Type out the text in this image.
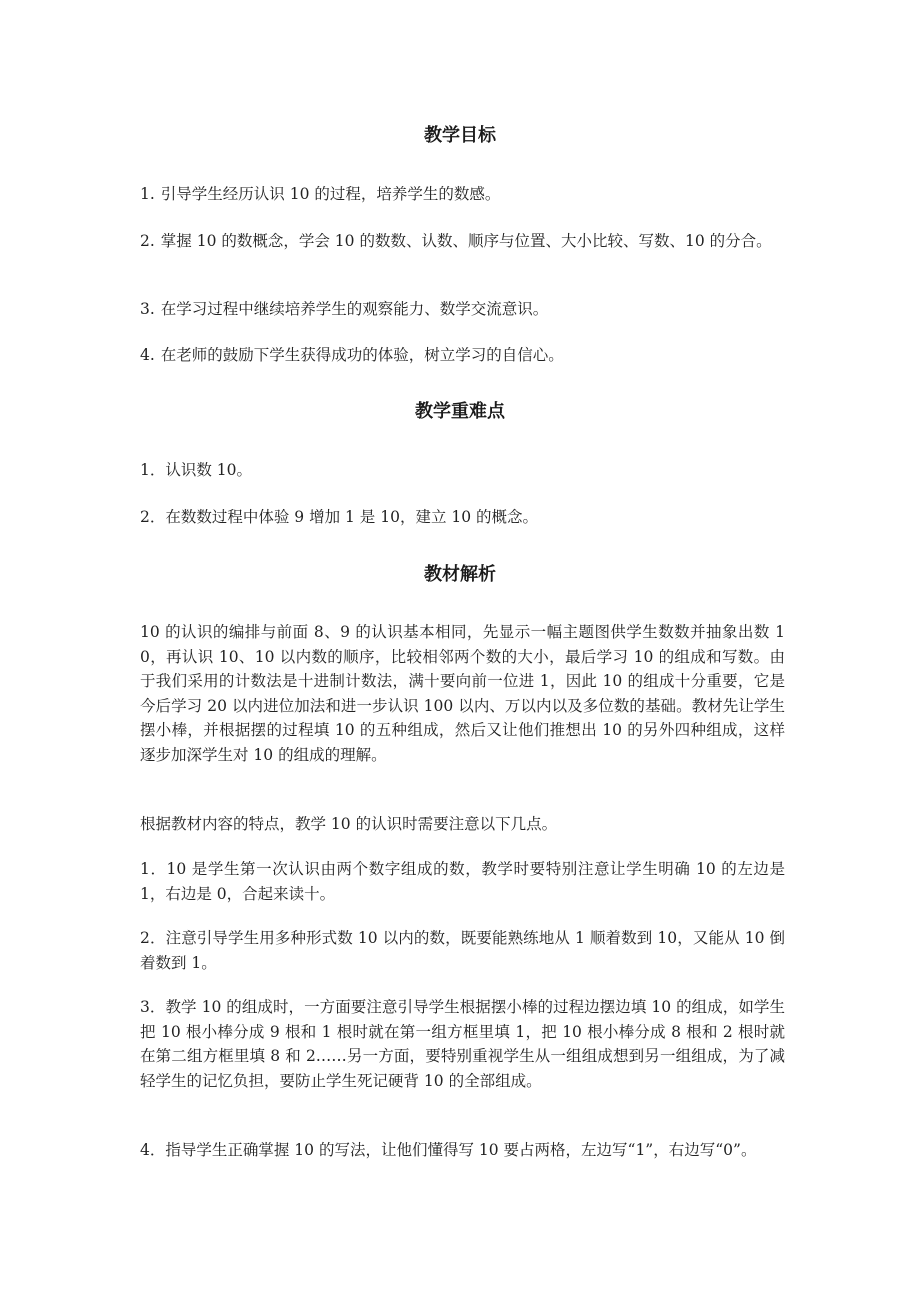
教学目标

1. 引导学生经历认识 10 的过程，培养学生的数感。

2. 掌握 10 的数概念，学会 10 的数数、认数、顺序与位置、大小比较、写数、10 的分合。

3. 在学习过程中继续培养学生的观察能力、数学交流意识。

4. 在老师的鼓励下学生获得成功的体验，树立学习的自信心。

教学重难点

1．认识数 10。

2．在数数过程中体验 9 增加 1 是 10，建立 10 的概念。

教材解析

10 的认识的编排与前面 8、9 的认识基本相同，先显示一幅主题图供学生数数并抽象出数 10，再认识 10、10 以内数的顺序，比较相邻两个数的大小，最后学习 10 的组成和写数。由于我们采用的计数法是十进制计数法，满十要向前一位进 1，因此 10 的组成十分重要，它是今后学习 20 以内进位加法和进一步认识 100 以内、万以内以及多位数的基础。教材先让学生摆小棒，并根据摆的过程填 10 的五种组成，然后又让他们推想出 10 的另外四种组成，这样逐步加深学生对 10 的组成的理解。

根据教材内容的特点，教学 10 的认识时需要注意以下几点。

1．10 是学生第一次认识由两个数字组成的数，教学时要特别注意让学生明确 10 的左边是 1，右边是 0，合起来读十。

2．注意引导学生用多种形式数 10 以内的数，既要能熟练地从 1 顺着数到 10，又能从 10 倒着数到 1。

3．教学 10 的组成时，一方面要注意引导学生根据摆小棒的过程边摆边填 10 的组成，如学生把 10 根小棒分成 9 根和 1 根时就在第一组方框里填 1，把 10 根小棒分成 8 根和 2 根时就在第二组方框里填 8 和 2……另一方面，要特别重视学生从一组组成想到另一组组成，为了减轻学生的记忆负担，要防止学生死记硬背 10 的全部组成。

4．指导学生正确掌握 10 的写法，让他们懂得写 10 要占两格，左边写“1”，右边写“0”。
